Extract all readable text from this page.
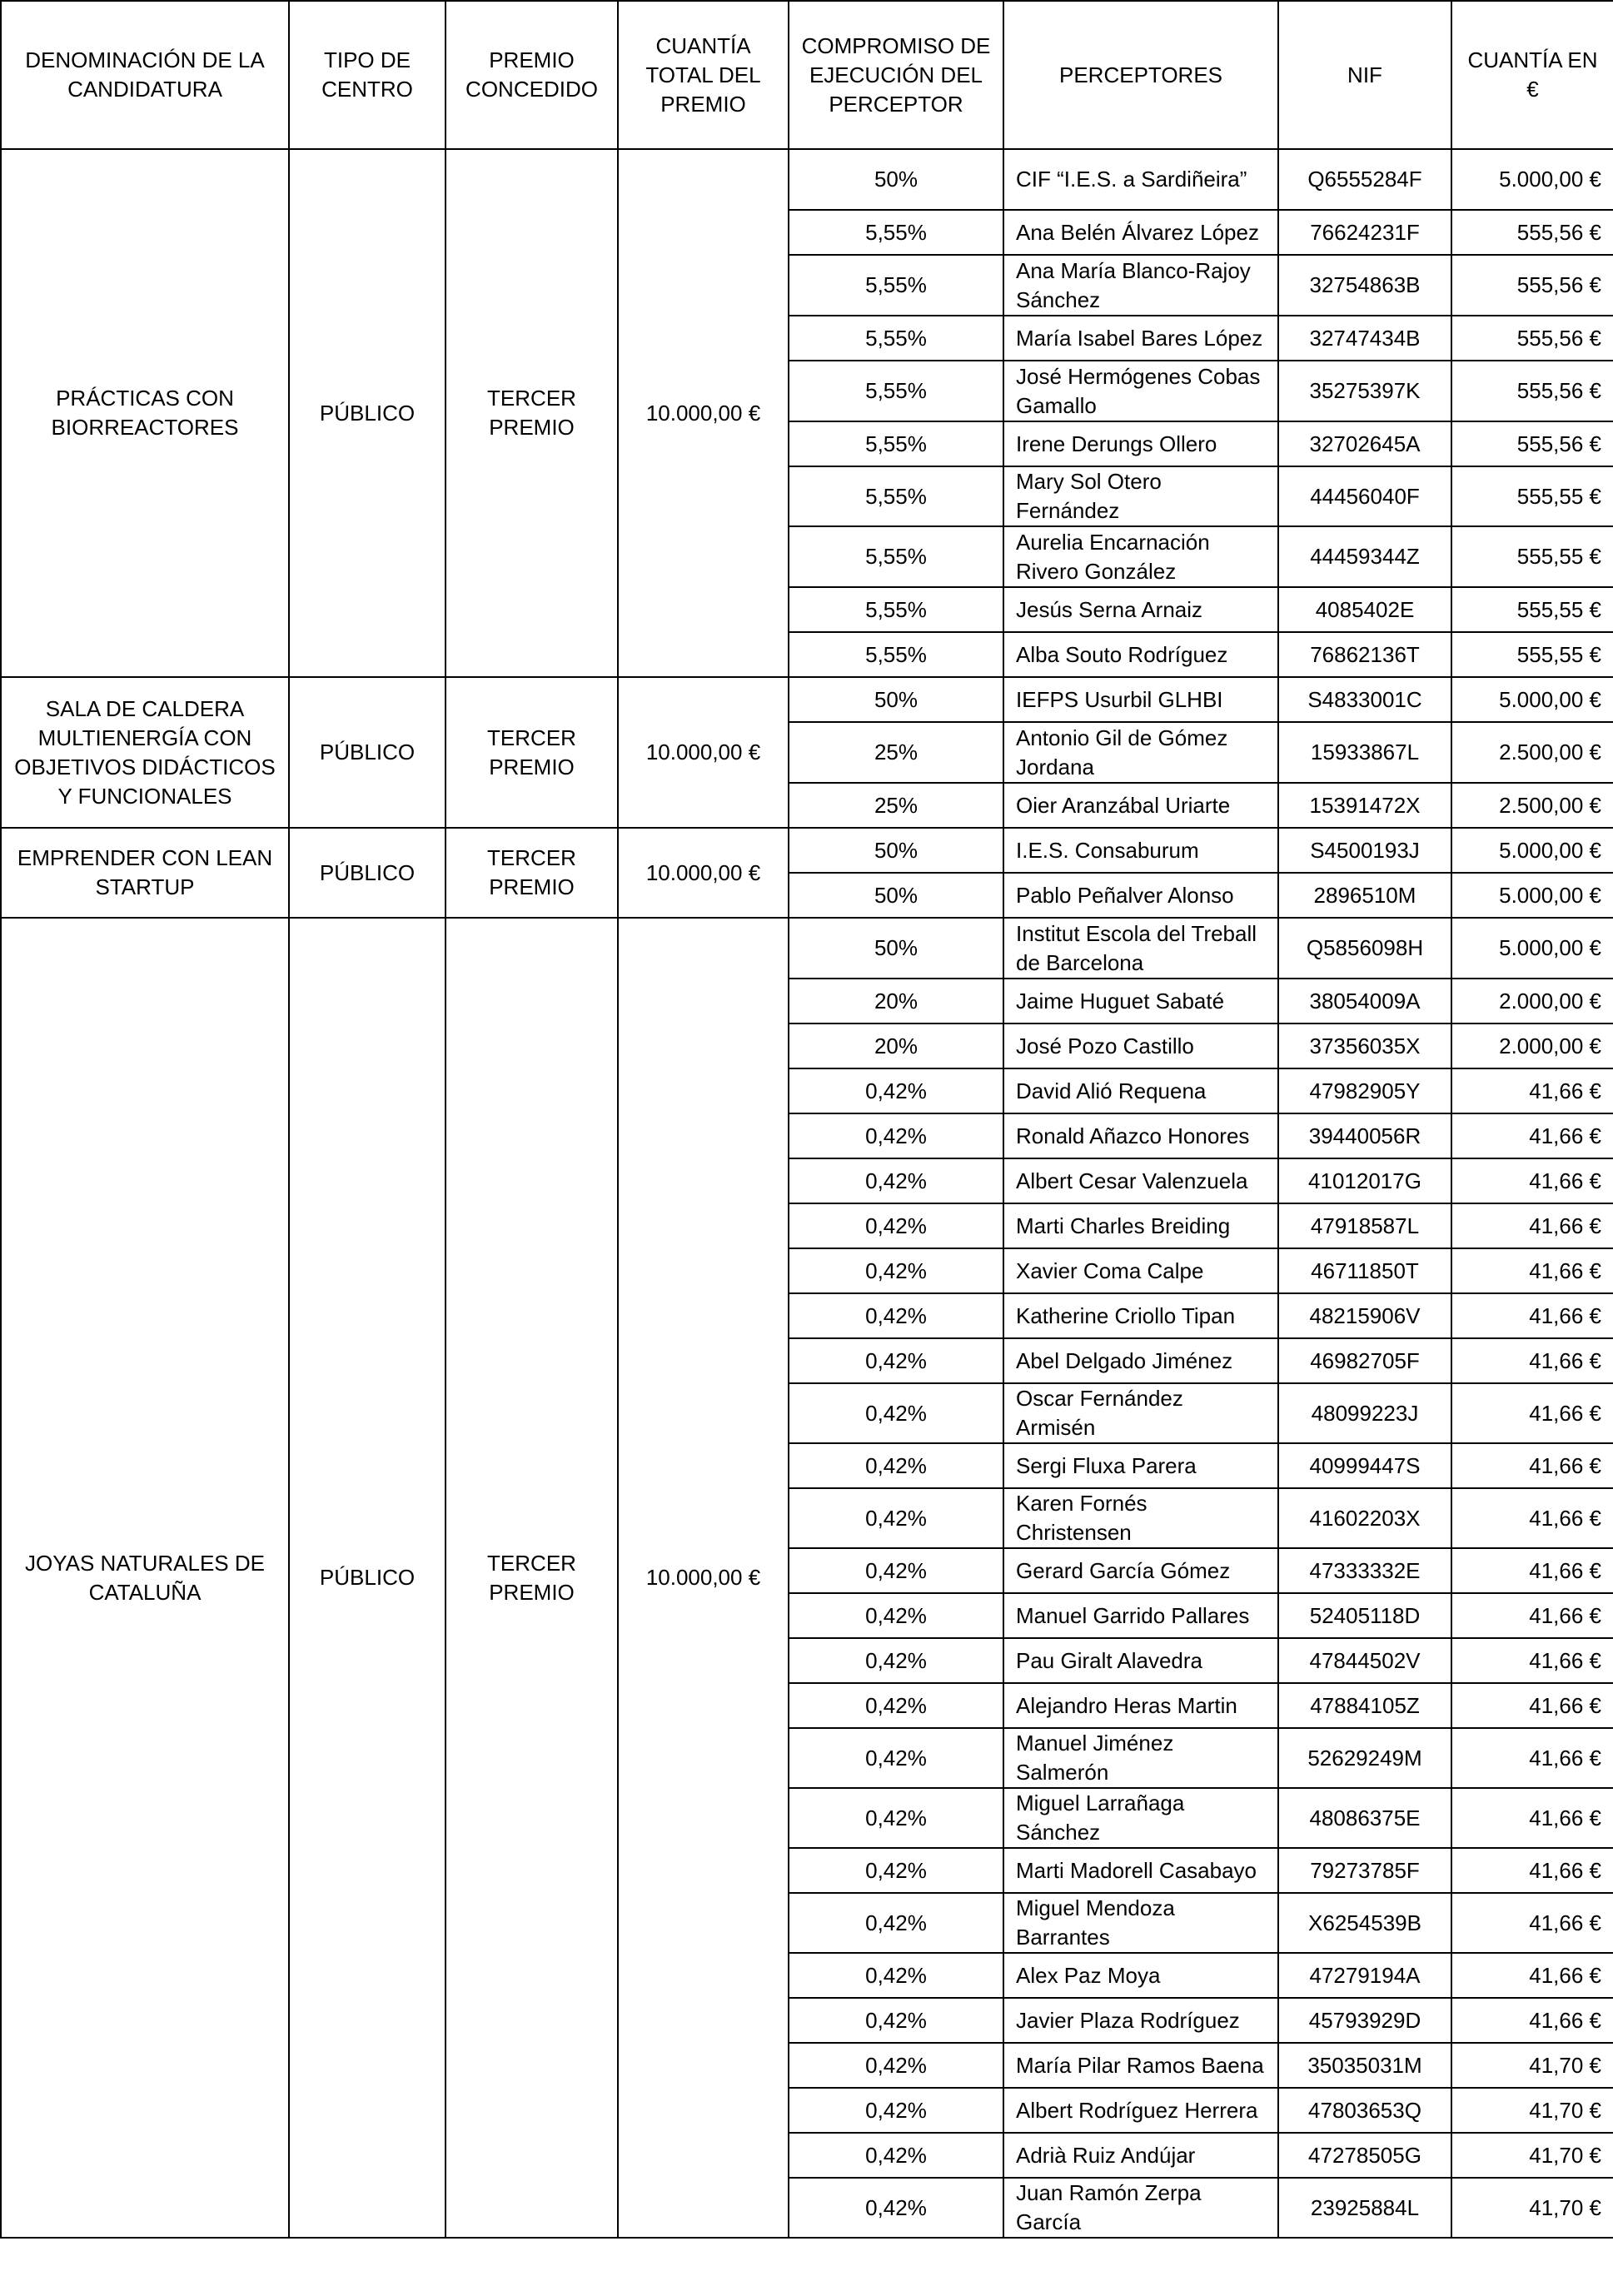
DENOMINACIÓN DE LA CANDIDATURA	TIPO DE CENTRO	PREMIO CONCEDIDO	CUANTÍA TOTAL DEL PREMIO	COMPROMISO DE EJECUCIÓN DEL PERCEPTOR	PERCEPTORES	NIF	CUANTÍA EN €
PRÁCTICAS CON BIORREACTORES	PÚBLICO	TERCER PREMIO	10.000,00 €	50%	CIF “I.E.S. a Sardiñeira”	Q6555284F	5.000,00 €
				5,55%	Ana Belén Álvarez López	76624231F	555,56 €
				5,55%	Ana María Blanco-Rajoy Sánchez	32754863B	555,56 €
				5,55%	María Isabel Bares López	32747434B	555,56 €
				5,55%	José Hermógenes Cobas Gamallo	35275397K	555,56 €
				5,55%	Irene Derungs Ollero	32702645A	555,56 €
				5,55%	Mary Sol Otero Fernández	44456040F	555,55 €
				5,55%	Aurelia Encarnación Rivero González	44459344Z	555,55 €
				5,55%	Jesús Serna Arnaiz	4085402E	555,55 €
				5,55%	Alba Souto Rodríguez	76862136T	555,55 €
SALA DE CALDERA MULTIENERGÍA CON OBJETIVOS DIDÁCTICOS Y FUNCIONALES	PÚBLICO	TERCER PREMIO	10.000,00 €	50%	IEFPS Usurbil GLHBI	S4833001C	5.000,00 €
				25%	Antonio Gil de Gómez Jordana	15933867L	2.500,00 €
				25%	Oier Aranzábal Uriarte	15391472X	2.500,00 €
EMPRENDER CON LEAN STARTUP	PÚBLICO	TERCER PREMIO	10.000,00 €	50%	I.E.S. Consaburum	S4500193J	5.000,00 €
				50%	Pablo Peñalver Alonso	2896510M	5.000,00 €
JOYAS NATURALES DE CATALUÑA	PÚBLICO	TERCER PREMIO	10.000,00 €	50%	Institut Escola del Treball de Barcelona	Q5856098H	5.000,00 €
				20%	Jaime Huguet Sabaté	38054009A	2.000,00 €
				20%	José Pozo Castillo	37356035X	2.000,00 €
				0,42%	David Alió Requena	47982905Y	41,66 €
				0,42%	Ronald Añazco Honores	39440056R	41,66 €
				0,42%	Albert Cesar Valenzuela	41012017G	41,66 €
				0,42%	Marti Charles Breiding	47918587L	41,66 €
				0,42%	Xavier Coma Calpe	46711850T	41,66 €
				0,42%	Katherine Criollo Tipan	48215906V	41,66 €
				0,42%	Abel Delgado Jiménez	46982705F	41,66 €
				0,42%	Oscar Fernández Armisén	48099223J	41,66 €
				0,42%	Sergi Fluxa Parera	40999447S	41,66 €
				0,42%	Karen Fornés Christensen	41602203X	41,66 €
				0,42%	Gerard García Gómez	47333332E	41,66 €
				0,42%	Manuel Garrido Pallares	52405118D	41,66 €
				0,42%	Pau Giralt Alavedra	47844502V	41,66 €
				0,42%	Alejandro Heras Martin	47884105Z	41,66 €
				0,42%	Manuel Jiménez Salmerón	52629249M	41,66 €
				0,42%	Miguel Larrañaga Sánchez	48086375E	41,66 €
				0,42%	Marti Madorell Casabayo	79273785F	41,66 €
				0,42%	Miguel Mendoza Barrantes	X6254539B	41,66 €
				0,42%	Alex Paz Moya	47279194A	41,66 €
				0,42%	Javier Plaza Rodríguez	45793929D	41,66 €
				0,42%	María Pilar Ramos Baena	35035031M	41,70 €
				0,42%	Albert Rodríguez Herrera	47803653Q	41,70 €
				0,42%	Adrià Ruiz Andújar	47278505G	41,70 €
				0,42%	Juan Ramón Zerpa García	23925884L	41,70 €
